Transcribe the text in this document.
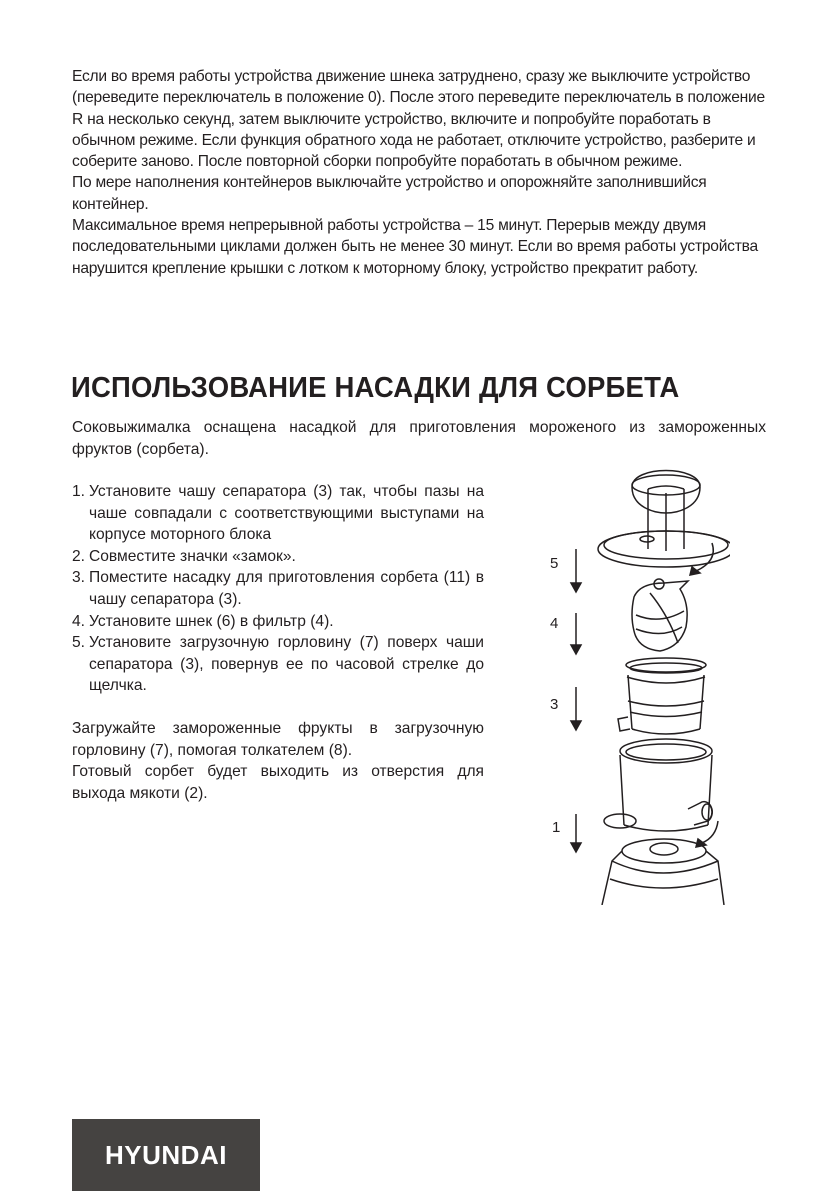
Если во время работы устройства движение шнека затруднено, сразу же выключите устройство (переведите переключатель в положение 0). После этого переведите переключатель в положение R на несколько секунд, затем выключите устройство, включите и попробуйте поработать в обычном режиме. Если функция обратного хода не работает, отключите устройство, разберите и соберите заново. После повторной сборки попробуйте поработать в обычном режиме.
По мере наполнения контейнеров выключайте устройство и опорожняйте заполнившийся контейнер.
Максимальное время непрерывной работы устройства – 15 минут. Перерыв между двумя последовательными циклами должен быть не менее 30 минут. Если во время работы устройства нарушится крепление крышки с лотком к моторному блоку, устройство прекратит работу.
ИСПОЛЬЗОВАНИЕ НАСАДКИ ДЛЯ СОРБЕТА

Соковыжималка оснащена насадкой для приготовления мороженого из замороженных фруктов (сорбета).

1. Установите чашу сепаратора (3) так, чтобы пазы на чаше совпадали с соответствующими выступами на корпусе моторного блока
2. Совместите значки «замок».
3. Поместите насадку для приготовления сорбета (11) в чашу сепаратора (3).
4. Установите шнек (6) в фильтр (4).
5. Установите загрузочную горловину (7) поверх чаши сепаратора (3), повернув ее по часовой стрелке до щелчка.

Загружайте замороженные фрукты в загрузочную горловину (7), помогая толкателем (8).

Готовый сорбет будет выходить из отверстия для выхода мякоти (2).

5
4
3
1
HYUNDAI
